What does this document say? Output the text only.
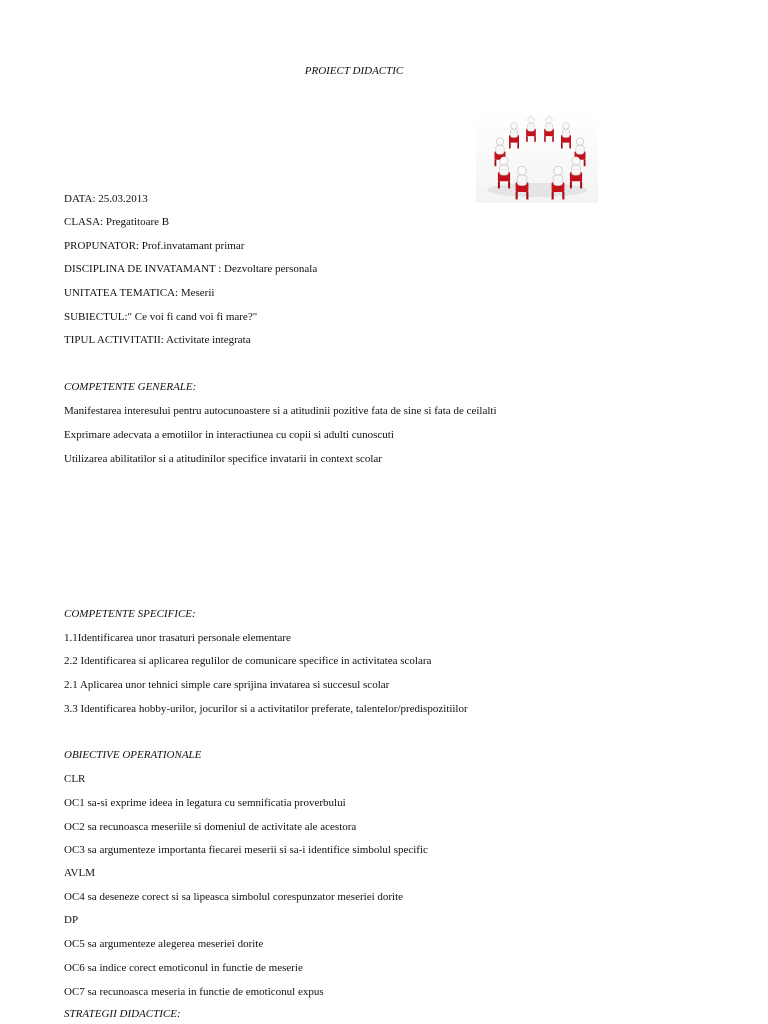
PROIECT DIDACTIC
DATA: 25.03.2013
CLASA: Pregatitoare B
PROPUNATOR: Prof.invatamant primar
DISCIPLINA DE INVATAMANT : Dezvoltare personala
UNITATEA TEMATICA: Meserii
SUBIECTUL:" Ce voi fi cand voi fi mare?"
TIPUL ACTIVITATII: Activitate integrata
COMPETENTE GENERALE:
Manifestarea interesului pentru autocunoastere si a atitudinii pozitive fata de sine si fata de ceilalti
Exprimare adecvata a emotiilor in interactiunea cu copii si adulti cunoscuti
Utilizarea abilitatilor si a atitudinilor specifice invatarii in context scolar
COMPETENTE SPECIFICE:
1.1Identificarea unor trasaturi personale elementare
2.2 Identificarea si aplicarea regulilor de comunicare specifice in activitatea scolara
2.1 Aplicarea unor tehnici simple care sprijina invatarea si succesul scolar
3.3 Identificarea hobby-urilor, jocurilor si a activitatilor preferate, talentelor/predispozitiilor
OBIECTIVE OPERATIONALE
CLR
OC1 sa-si exprime ideea in legatura cu semnificatia proverbului
OC2 sa recunoasca meseriile si domeniul de activitate ale acestora
OC3 sa argumenteze importanta fiecarei meserii si sa-i identifice simbolul specific
AVLM
OC4 sa deseneze corect si sa lipeasca simbolul corespunzator meseriei dorite
DP
OC5 sa argumenteze alegerea meseriei dorite
OC6 sa indice corect emoticonul in functie de meserie
OC7 sa recunoasca meseria in functie de emoticonul expus
STRATEGII DIDACTICE:
